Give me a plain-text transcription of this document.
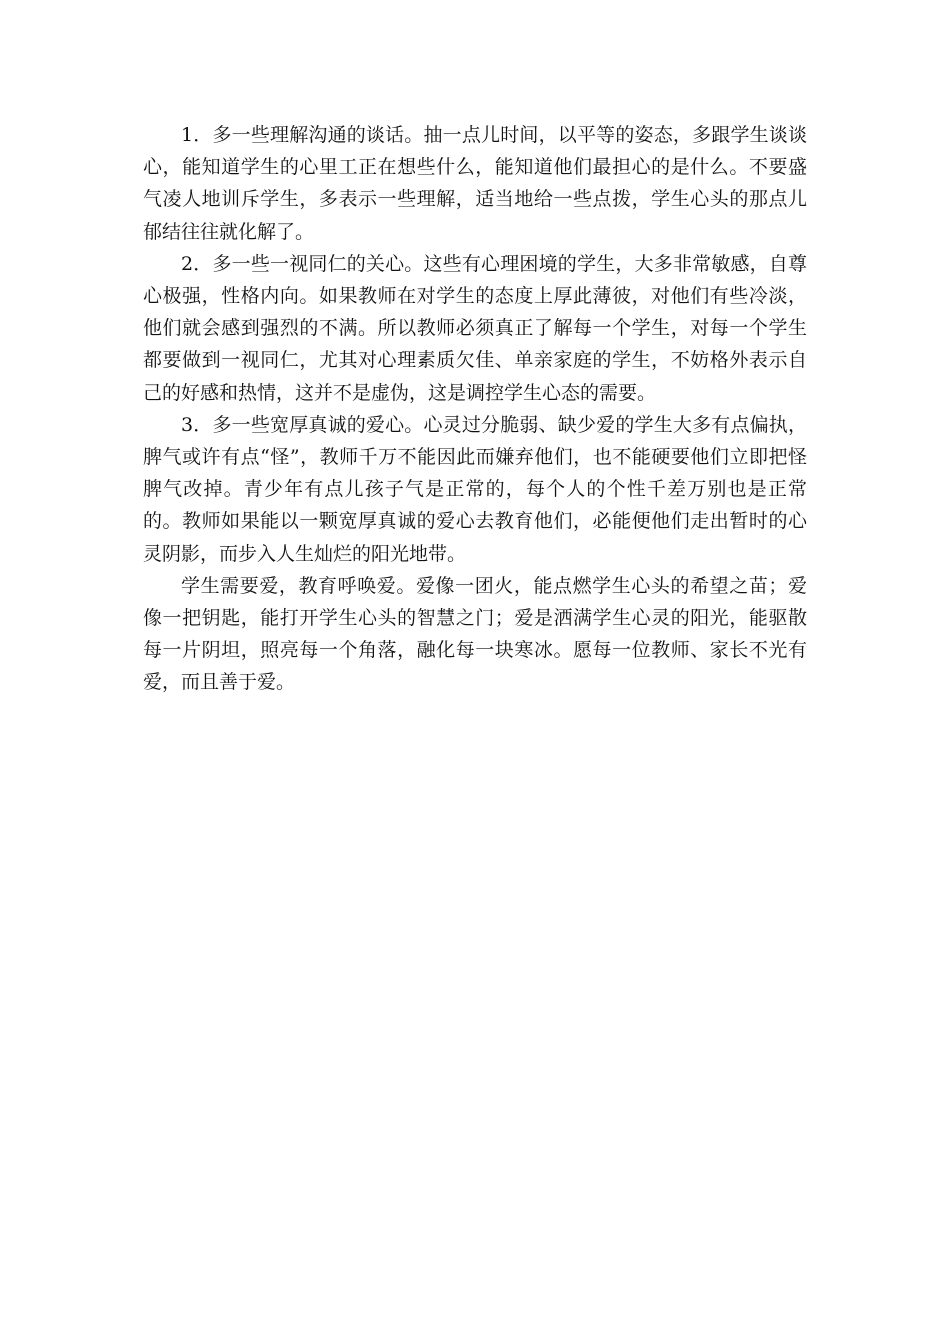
1．多一些理解沟通的谈话。抽一点儿时间，以平等的姿态，多跟学生谈谈心，能知道学生的心里工正在想些什么，能知道他们最担心的是什么。不要盛气凌人地训斥学生，多表示一些理解，适当地给一些点拨，学生心头的那点儿郁结往往就化解了。

2．多一些一视同仁的关心。这些有心理困境的学生，大多非常敏感，自尊心极强，性格内向。如果教师在对学生的态度上厚此薄彼，对他们有些冷淡，他们就会感到强烈的不满。所以教师必须真正了解每一个学生，对每一个学生都要做到一视同仁，尤其对心理素质欠佳、单亲家庭的学生，不妨格外表示自己的好感和热情，这并不是虚伪，这是调控学生心态的需要。

3．多一些宽厚真诚的爱心。心灵过分脆弱、缺少爱的学生大多有点偏执，脾气或许有点“怪”，教师千万不能因此而嫌弃他们，也不能硬要他们立即把怪脾气改掉。青少年有点儿孩子气是正常的，每个人的个性千差万别也是正常的。教师如果能以一颗宽厚真诚的爱心去教育他们，必能便他们走出暂时的心灵阴影，而步入人生灿烂的阳光地带。

学生需要爱，教育呼唤爱。爱像一团火，能点燃学生心头的希望之苗；爱像一把钥匙，能打开学生心头的智慧之门；爱是洒满学生心灵的阳光，能驱散每一片阴坦，照亮每一个角落，融化每一块寒冰。愿每一位教师、家长不光有爱，而且善于爱。
